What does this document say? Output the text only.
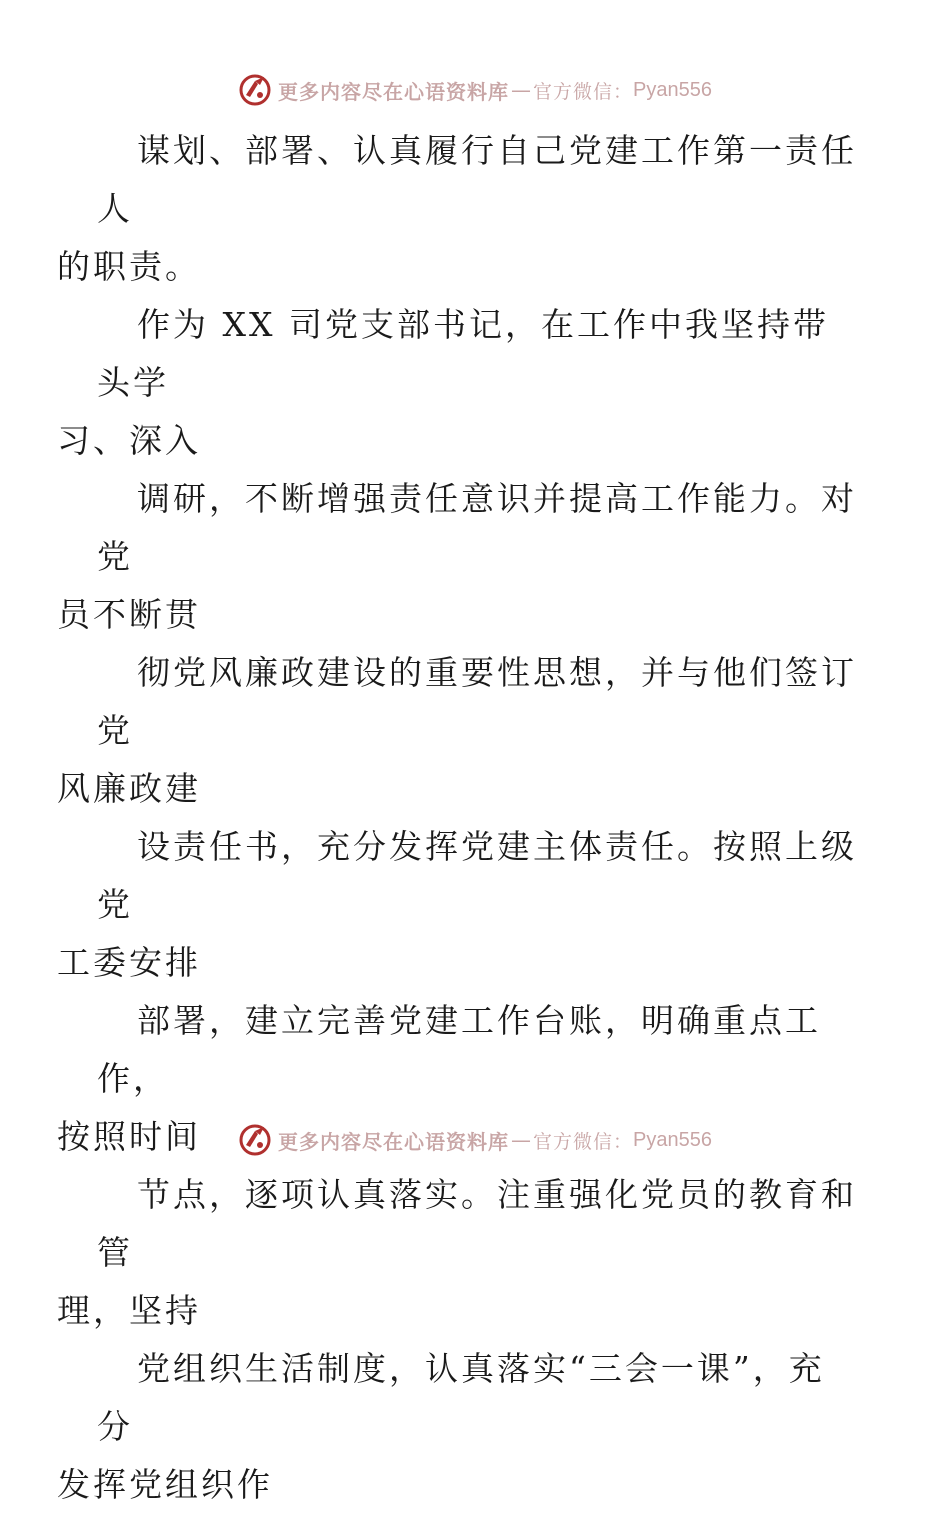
更多内容尽在心语资料库 — 官方微信： Pyan556

谋划、部署、认真履行自己党建工作第一责任人
的职责。

作为 XX 司党支部书记，在工作中我坚持带头学
习、深入

调研，不断增强责任意识并提高工作能力。对党
员不断贯

彻党风廉政建设的重要性思想，并与他们签订党
风廉政建

设责任书，充分发挥党建主体责任。按照上级党
工委安排

部署，建立完善党建工作台账，明确重点工作，
按照时间

节点，逐项认真落实。注重强化党员的教育和管
理，坚持

党组织生活制度，认真落实“三会一课”，充分
发挥党组织作

更多内容尽在心语资料库 — 官方微信： Pyan556
